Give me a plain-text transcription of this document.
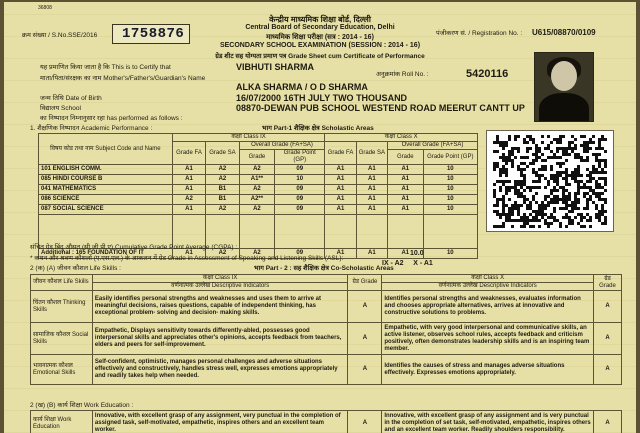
36808
क्रम संख्या / S.No.SSE/2016 1758876
केन्द्रीय माध्यमिक शिक्षा बोर्ड, दिल्ली
Central Board of Secondary Education, Delhi
माध्यमिक शिक्षा परीक्षा (सत्र : 2014 - 16)
SECONDARY SCHOOL EXAMINATION (SESSION : 2014 - 16)
ग्रेड शीट सह योग्यता प्रमाण पत्र Grade Sheet cum Certificate of Performance
पंजीकरण सं. / Registration No. : U615/08870/0109
यह प्रमाणित किया जाता है कि This is to Certify that	VIBHUTI SHARMA
अनुक्रमांक Roll No. :	5420116
माता/पिता/संरक्षक का नाम Mother's/Father's/Guardian's Name
ALKA SHARMA / O D SHARMA
जन्म तिथि Date of Birth	16/07/2000 16TH JULY TWO THOUSAND
विद्यालय School	08870-DEWAN PUB SCHOOL WESTEND ROAD MEERUT CANTT UP
का निष्पादन निम्नानुसार रहा has performed as follows :
1. शैक्षणिक निष्पादन Academic Performance :	भाग Part-1 शैक्षिक क्षेत्र Scholastic Areas
विषय कोड तथा नाम Subject Code and Name	कक्षा Class IX				कक्षा Class X			
	Grade FA	Grade SA	Overall Grade (FA+SA)		Grade FA	Grade SA	Overall Grade (FA+SA)	
			Grade	Grade Point (GP)			Grade	Grade Point (GP)
101 ENGLISH COMM.	A1	A2	A2	09	A1	A1	A1	10
085 HINDI COURSE B	A1	A2	A1**	10	A1	A1	A1	10
041 MATHEMATICS	A1	B1	A2	09	A1	A1	A1	10
086 SCIENCE	A2	B1	A2**	09	A1	A1	A1	10
087 SOCIAL SCIENCE	A1	A2	A2	09	A1	A1	A1	10

Additional : 165 FOUNDATION OF IT	A1	A2	A2	09	A1	A1	A1	10
संचित ग्रेड बिंदु औसत (सी.जी.पी.ए) Cumulative Grade Point Average (CGPA) :
10.0
* कथन और श्रवण कौशलों (ए.एस.एल.) के आकलन में ग्रेड Grade in Assessment of Speaking and Listening Skills (ASL):
IX - A2     X - A1
2 (क) (A) जीवन कौशल Life Skills :	भाग Part - 2 : सह शैक्षिक क्षेत्र Co-Scholastic Areas
जीवन कौशल Life Skills	कक्षा Class IX	ग्रेड Grade	कक्षा Class X	ग्रेड Grade
	वर्णनात्मक उल्लेख Descriptive Indicators		वर्णनात्मक उल्लेख Descriptive Indicators	
चिंतन कौशल Thinking Skills	Easily identifies personal strengths and weaknesses and uses them to arrive at meaningful decisions, raises questions, capable of independent thinking, has exceptional problem- solving and decision- making skills.	A	Identifies personal strengths and weaknesses, evaluates information and chooses appropriate alternatives, arrives at innovative and constructive solutions to problems.	A
सामाजिक कौशल Social Skills	Empathetic, Displays sensitivity towards differently-abled, possesses good interpersonal skills and appreciates other's opinions, accepts feedback from teachers, elders and peers for self-improvement.	A	Empathetic, with very good interpersonal and communicative skills, an active listener, observes school rules, accepts feedback and criticism positively, often demonstrates leadership skills and is an inspiring team member.	A
भावनात्मक कौशल Emotional Skills	Self-confident, optimistic, manages personal challenges and adverse situations effectively and constructively, handles stress well, expresses emotions appropriately and readily takes help when needed.	A	Identifies the causes of stress and manages adverse situations effectively. Expresses emotions appropriately.	A
2 (ख) (B) कार्य शिक्षा Work Education :
कार्य शिक्षा Work Education	Innovative, with excellent grasp of any assignment, very punctual in the completion of assigned task, self-motivated, empathetic, inspires others and an excellent team worker.	A	Innovative, with excellent grasp of any assignment and is very punctual in the completion of set task, self-motivated, empathetic, inspires others and an excellent team worker. Readily shoulders responsibility.	A
